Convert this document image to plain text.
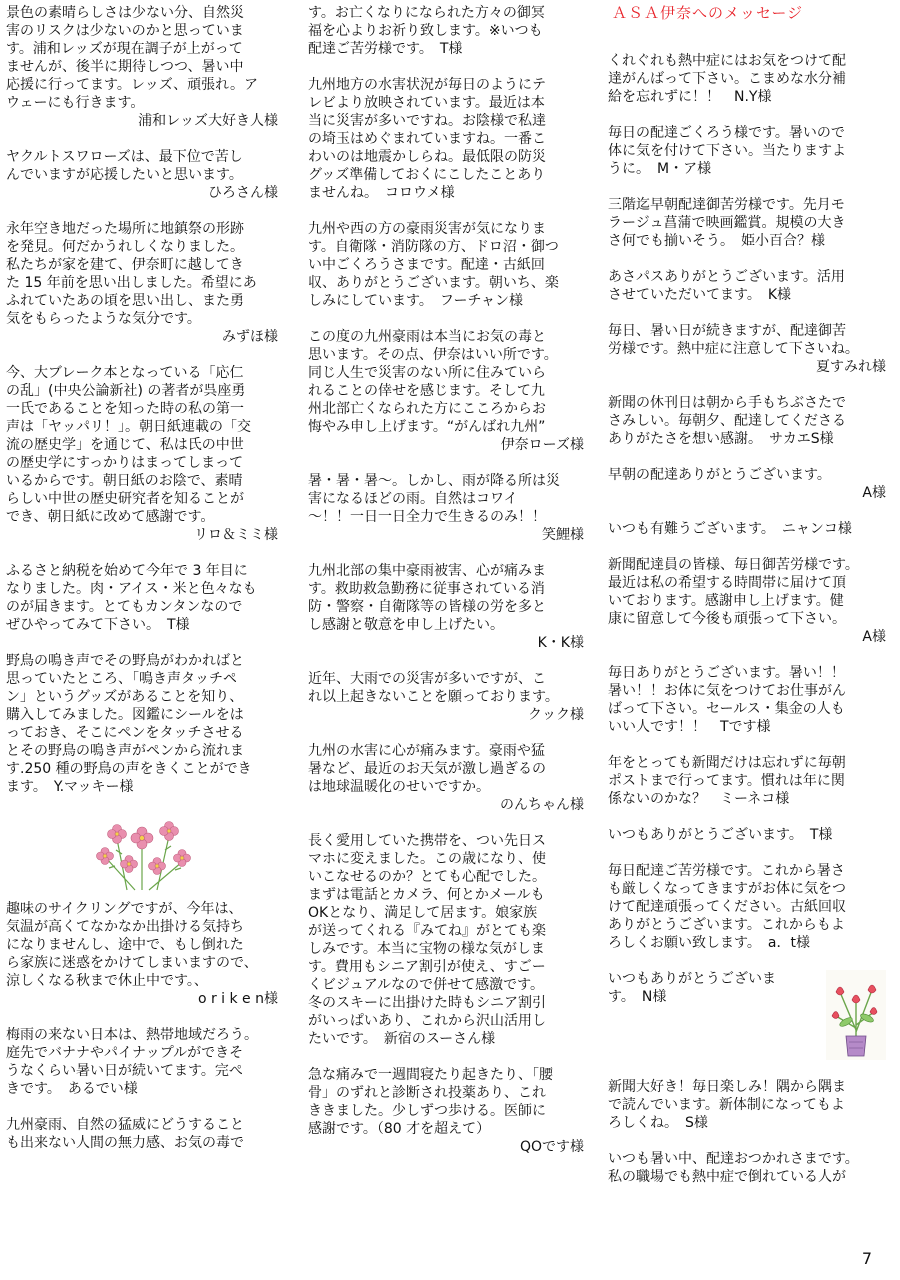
景色の素晴らしさは少ない分、自然災
害のリスクは少ないのかと思っていま
す。浦和レッズが現在調子が上がって
ませんが、後半に期待しつつ、暑い中
応援に行ってます。レッズ、頑張れ。ア
ウェーにも行きます。
浦和レッズ大好き人様
ヤクルトスワローズは、最下位で苦し
んでいますが応援したいと思います。
ひろさん様
永年空き地だった場所に地鎮祭の形跡
を発見。何だかうれしくなりました。
私たちが家を建て、伊奈町に越してき
た 15 年前を思い出しました。希望にあ
ふれていたあの頃を思い出し、また勇
気をもらったような気分です。
みずほ様
今、大ブレーク本となっている「応仁
の乱」(中央公論新社) の著者が呉座勇
一氏であることを知った時の私の第一
声は「ヤッパリ！」。朝日紙連載の「交
流の歴史学」を通じて、私は氏の中世
の歴史学にすっかりはまってしまって
いるからです。朝日紙のお陰で、素晴
らしい中世の歴史研究者を知ることが
でき、朝日紙に改めて感謝です。
リロ＆ミミ様
ふるさと納税を始めて今年で 3 年目に
なりました。肉・アイス・米と色々なも
のが届きます。とてもカンタンなので
ぜひやってみて下さい。　T様
野鳥の鳴き声でその野鳥がわかればと
思っていたところ、「鳴き声タッチペ
ン」というグッズがあることを知り、
購入してみました。図鑑にシールをは
っておき、そこにペンをタッチさせる
とその野鳥の鳴き声がペンから流れま
す.250 種の野鳥の声をきくことができ
ます。　Y.マッキー様
趣味のサイクリングですが、今年は、
気温が高くてなかなか出掛ける気持ち
になりませんし、途中で、もし倒れた
ら家族に迷惑をかけてしまいますので、
涼しくなる秋まで休止中です。、
o r i k e n様
梅雨の来ない日本は、熱帯地域だろう。
庭先でバナナやパイナップルができそ
うなくらい暑い日が続いてます。完ぺ
きです。　あるでい様
九州豪雨、自然の猛威にどうすること
も出来ない人間の無力感、お気の毒で
す。お亡くなりになられた方々の御冥
福を心よりお祈り致します。※いつも
配達ご苦労様です。　T様
九州地方の水害状況が毎日のようにテ
レビより放映されています。最近は本
当に災害が多いですね。お陰様で私達
の埼玉はめぐまれていますね。一番こ
わいのは地震かしらね。最低限の防災
グッズ準備しておくにこしたことあり
ませんね。　コロウメ様
九州や西の方の豪雨災害が気になりま
す。自衛隊・消防隊の方、ドロ沼・御つ
い中ごくろうさまです。配達・古紙回
収、ありがとうございます。朝いち、楽
しみにしています。　フーチャン様
この度の九州豪雨は本当にお気の毒と
思います。その点、伊奈はいい所です。
同じ人生で災害のない所に住みていら
れることの倖せを感じます。そして九
州北部亡くなられた方にこころからお
悔やみ申し上げます。“がんばれ九州”
伊奈ローズ様
暑・暑・暑〜。しかし、雨が降る所は災
害になるほどの雨。自然はコワイ
〜！！一日一日全力で生きるのみ！！
笑鯉様
九州北部の集中豪雨被害、心が痛みま
す。救助救急勤務に従事されている消
防・警察・自衛隊等の皆様の労を多と
し感謝と敬意を申し上げたい。
K・K様
近年、大雨での災害が多いですが、こ
れ以上起きないことを願っております。
クック様
九州の水害に心が痛みます。豪雨や猛
暑など、最近のお天気が激し過ぎるの
は地球温暖化のせいですか。
のんちゃん様
長く愛用していた携帯を、つい先日ス
マホに変えました。この歳になり、使
いこなせるのか？とても心配でした。
まずは電話とカメラ、何とかメールも
OKとなり、満足して居ます。娘家族
が送ってくれる『みてね』がとても楽
しみです。本当に宝物の様な気がしま
す。費用もシニア割引が使え、すごー
くビジュアルなので併せて感激です。
冬のスキーに出掛けた時もシニア割引
がいっぱいあり、これから沢山活用し
たいです。　新宿のスーさん様
急な痛みで一週間寝たり起きたり、「腰
骨」のずれと診断され投薬あり、これ
ききました。少しずつ歩ける。医師に
感謝です。（80 才を超えて）
QOです様
ＡＳＡ伊奈へのメッセージ
くれぐれも熱中症にはお気をつけて配
達がんばって下さい。こまめな水分補
給を忘れずに！！　N.Y様
毎日の配達ごくろう様です。暑いので
体に気を付けて下さい。当たりますよ
うに。　M・ア様
三階迄早朝配達御苦労様です。先月モ
ラージュ菖蒲で映画鑑賞。規模の大き
さ何でも揃いそう。　姫小百合？様
あさパスありがとうございます。活用
させていただいてます。　K様
毎日、暑い日が続きますが、配達御苦
労様です。熱中症に注意して下さいね。
夏すみれ様
新聞の休刊日は朝から手もちぶさたで
さみしい。毎朝夕、配達してくださる
ありがたさを想い感謝。　サカエS様
早朝の配達ありがとうございます。
A様
いつも有難うございます。　ニャンコ様
新聞配達員の皆様、毎日御苦労様です。
最近は私の希望する時間帯に届けて頂
いております。感謝申し上げます。健
康に留意して今後も頑張って下さい。
A様
毎日ありがとうございます。暑い！！
暑い！！お体に気をつけてお仕事がん
ばって下さい。セールス・集金の人も
いい人です！！　Tです様
年をとっても新聞だけは忘れずに毎朝
ポストまで行ってます。慣れは年に関
係ないのかな？　ミーネコ様
いつもありがとうございます。　T様
毎日配達ご苦労様です。これから暑さ
も厳しくなってきますがお体に気をつ
けて配達頑張ってください。古紙回収
ありがとうございます。これからもよ
ろしくお願い致します。　a．t様
いつもありがとうございま
す。　N様
新聞大好き！毎日楽しみ！隅から隅ま
で読んでいます。新体制になってもよ
ろしくね。　S様
いつも暑い中、配達おつかれさまです。
私の職場でも熱中症で倒れている人が
7
